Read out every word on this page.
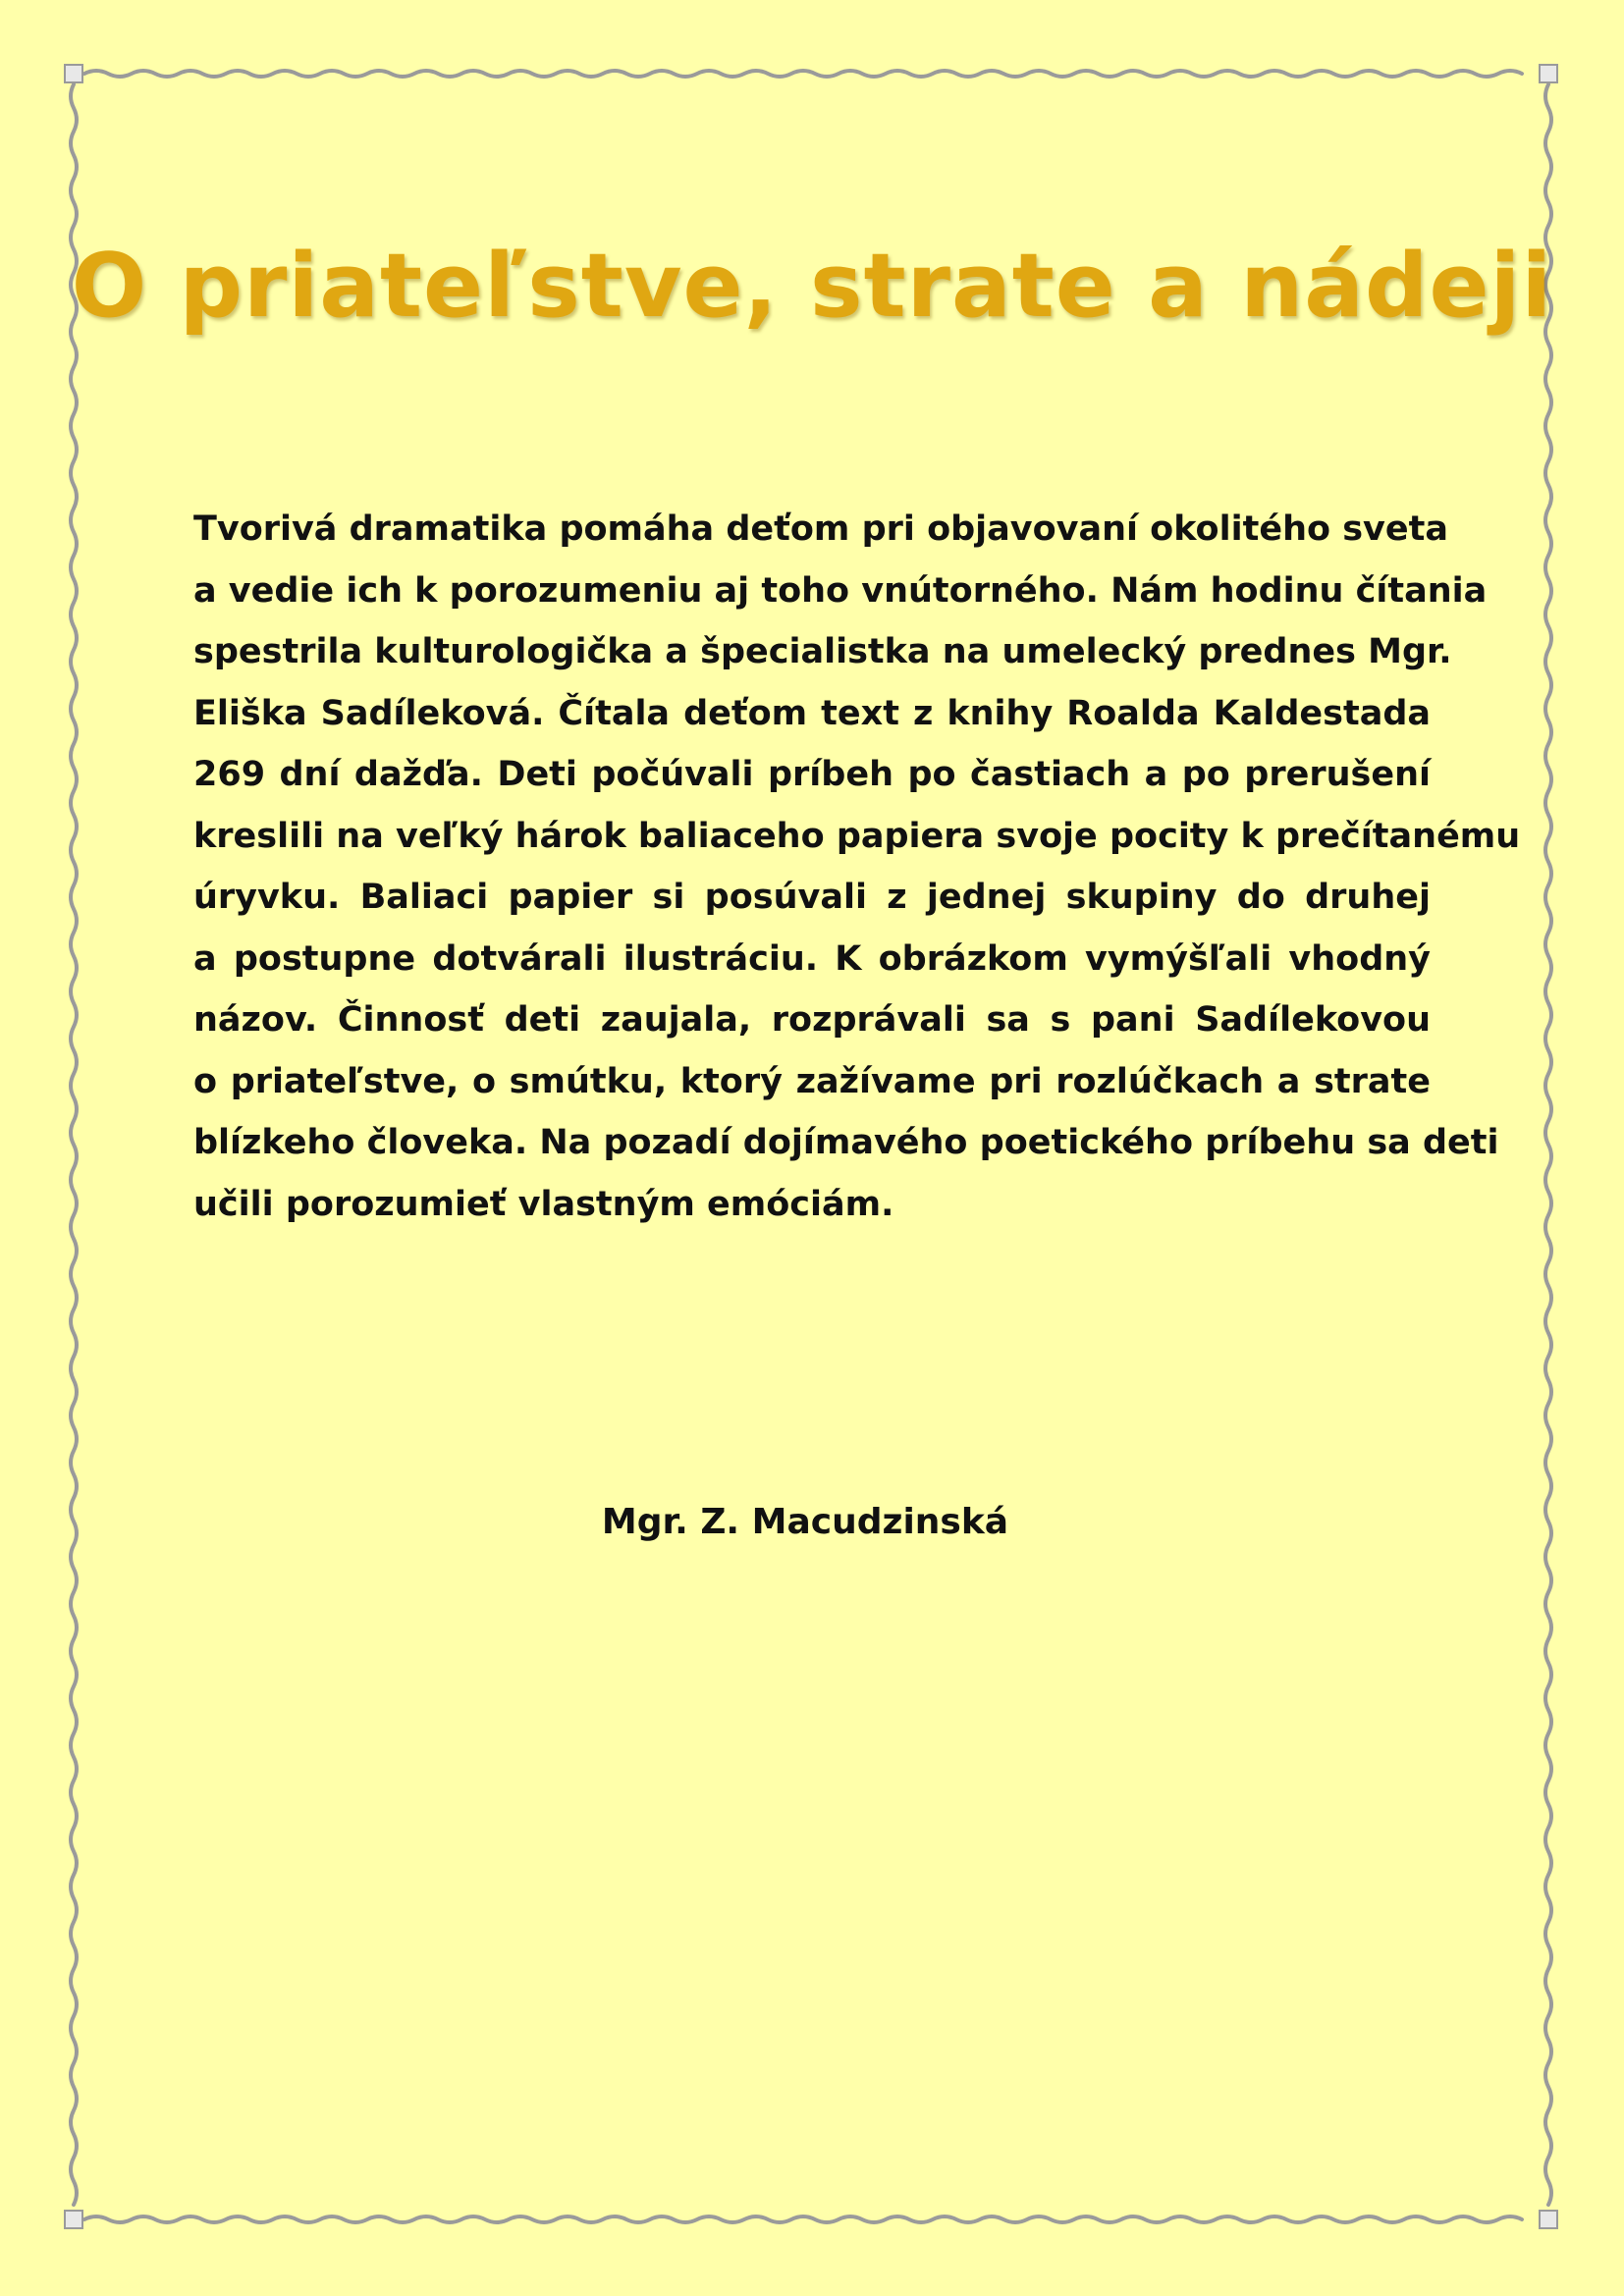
O priateľstve, strate a nádeji
Tvorivá dramatika pomáha deťom pri objavovaní okolitého sveta
a vedie ich k porozumeniu aj toho vnútorného. Nám hodinu čítania
spestrila kulturologička a špecialistka na umelecký prednes Mgr.
Eliška Sadíleková. Čítala deťom text z knihy Roalda Kaldestada
269 dní dažďa. Deti počúvali príbeh po častiach a po prerušení
kreslili na veľký hárok baliaceho papiera svoje pocity k prečítanému
úryvku. Baliaci papier si posúvali z jednej skupiny do druhej
a postupne dotvárali ilustráciu. K obrázkom vymýšľali vhodný
názov. Činnosť deti zaujala, rozprávali sa s pani Sadílekovou
o priateľstve, o smútku, ktorý zažívame pri rozlúčkach a strate
blízkeho človeka. Na pozadí dojímavého poetického príbehu sa deti
učili porozumieť vlastným emóciám.

Mgr. Z. Macudzinská
